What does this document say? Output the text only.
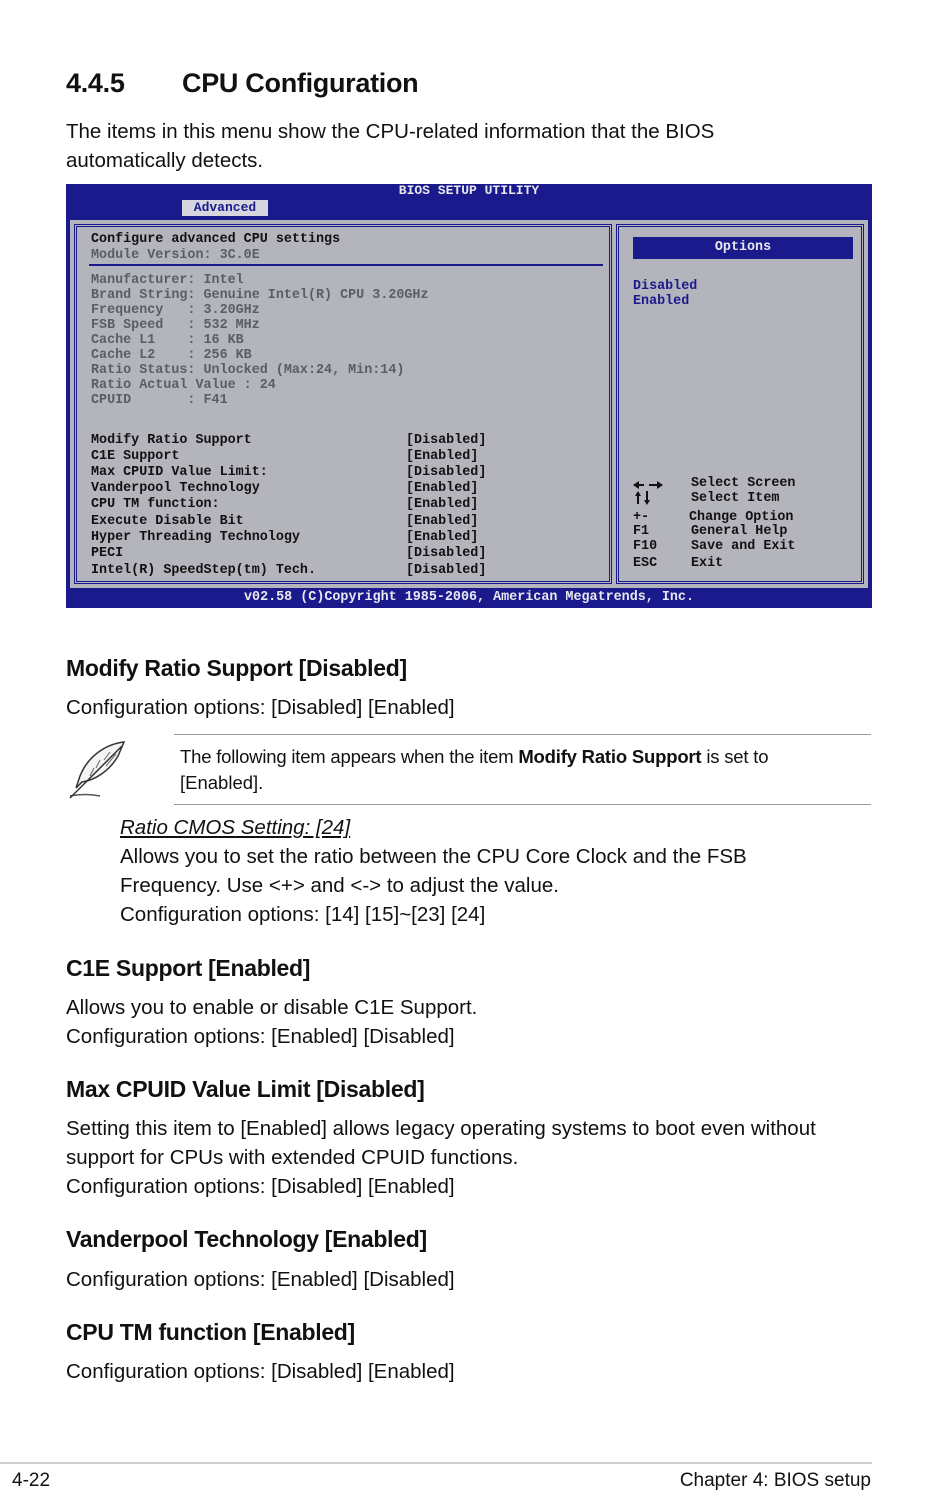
4.4.5 CPU Configuration
The items in this menu show the CPU-related information that the BIOS
automatically detects.
BIOS SETUP UTILITY
Advanced
Configure advanced CPU settings
Module Version: 3C.0E
Manufacturer: Intel
Brand String: Genuine Intel(R) CPU 3.20GHz
Frequency   : 3.20GHz
FSB Speed   : 532 MHz
Cache L1    : 16 KB
Cache L2    : 256 KB
Ratio Status: Unlocked (Max:24, Min:14)
Ratio Actual Value : 24
CPUID       : F41
Modify Ratio Support	[Disabled]
C1E Support	[Enabled]
Max CPUID Value Limit:	[Disabled]
Vanderpool Technology	[Enabled]
CPU TM function:	[Enabled]
Execute Disable Bit	[Enabled]
Hyper Threading Technology	[Enabled]
PECI	[Disabled]
Intel(R) SpeedStep(tm) Tech.	[Disabled]
Options
Disabled
Enabled
Select Screen
Select Item
+-	Change Option
F1	General Help
F10	Save and Exit
ESC	Exit
v02.58 (C)Copyright 1985-2006, American Megatrends, Inc.
Modify Ratio Support [Disabled]
Configuration options: [Disabled] [Enabled]
The following item appears when the item Modify Ratio Support is set to
[Enabled].
Ratio CMOS Setting: [24]
Allows you to set the ratio between the CPU Core Clock and the FSB
Frequency. Use <+> and <-> to adjust the value.
Configuration options: [14] [15]~[23] [24]
C1E Support [Enabled]
Allows you to enable or disable C1E Support.
Configuration options: [Enabled] [Disabled]
Max CPUID Value Limit [Disabled]
Setting this item to [Enabled] allows legacy operating systems to boot even without
support for CPUs with extended CPUID functions.
Configuration options: [Disabled] [Enabled]
Vanderpool Technology [Enabled]
Configuration options: [Enabled] [Disabled]
CPU TM function [Enabled]
Configuration options: [Disabled] [Enabled]
4-22	Chapter 4: BIOS setup
